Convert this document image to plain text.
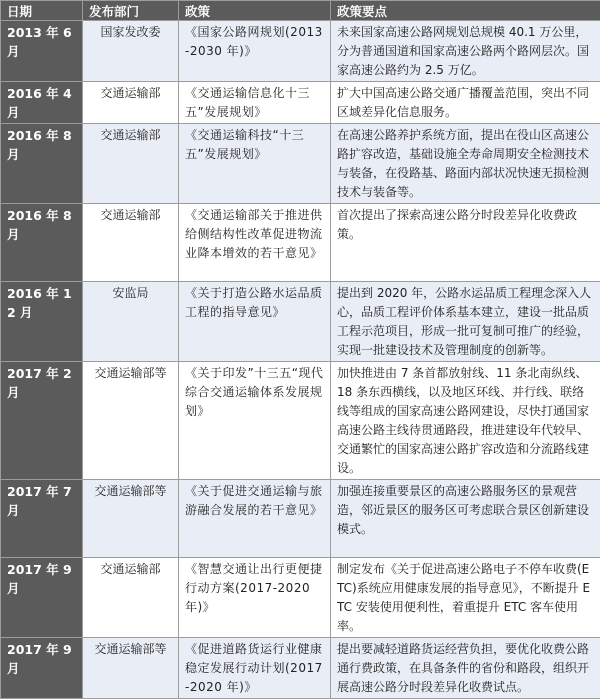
日期	发布部门	政策	政策要点
2013 年 6 月	国家发改委	《国家公路网规划(2013-2030 年)》	未来国家高速公路网规划总规模 40.1 万公里，分为普通国道和国家高速公路两个路网层次。国家高速公路约为 2.5 万亿。
2016 年 4 月	交通运输部	《交通运输信息化十三五”发展规划》	扩大中国高速公路交通广播覆盖范围，突出不同区域差异化信息服务。
2016 年 8 月	交通运输部	《交通运输科技“十三五”发展规划》	在高速公路养护系统方面，提出在役山区高速公路扩容改造，基础设施全寿命周期安全检测技术与装备，在役路基、路面内部状况快速无损检测技术与装备等。
2016 年 8 月	交通运输部	《交通运输部关于推进供给侧结构性改革促进物流业降本增效的若干意见》	首次提出了探索高速公路分时段差异化收费政策。
2016 年 12 月	安监局	《关于打造公路水运品质工程的指导意见》	提出到 2020 年，公路水运品质工程理念深入人心，品质工程评价体系基本建立，建设一批品质工程示范项目，形成一批可复制可推广的经验，实现一批建设技术及管理制度的创新等。
2017 年 2 月	交通运输部等	《关于印发”十三五“现代综合交通运输体系发展规划》	加快推进由 7 条首都放射线、11 条北南纵线、18 条东西横线，以及地区环线、并行线、联络线等组成的国家高速公路网建设，尽快打通国家高速公路主线待贯通路段，推进建设年代较早、交通繁忙的国家高速公路扩容改造和分流路线建设。
2017 年 7 月	交通运输部等	《关于促进交通运输与旅游融合发展的若干意见》	加强连接重要景区的高速公路服务区的景观营造，邻近景区的服务区可考虑联合景区创新建设模式。
2017 年 9 月	交通运输部	《智慧交通让出行更便捷行动方案(2017-2020 年)》	制定发布《关于促进高速公路电子不停车收费(ETC)系统应用健康发展的指导意见》，不断提升 ETC 安装使用便利性，着重提升 ETC 客车使用率。
2017 年 9 月	交通运输部等	《促进道路货运行业健康稳定发展行动计划(2017-2020 年)》	提出要减轻道路货运经营负担，要优化收费公路通行费政策，在具备条件的省份和路段，组织开展高速公路分时段差异化收费试点。
